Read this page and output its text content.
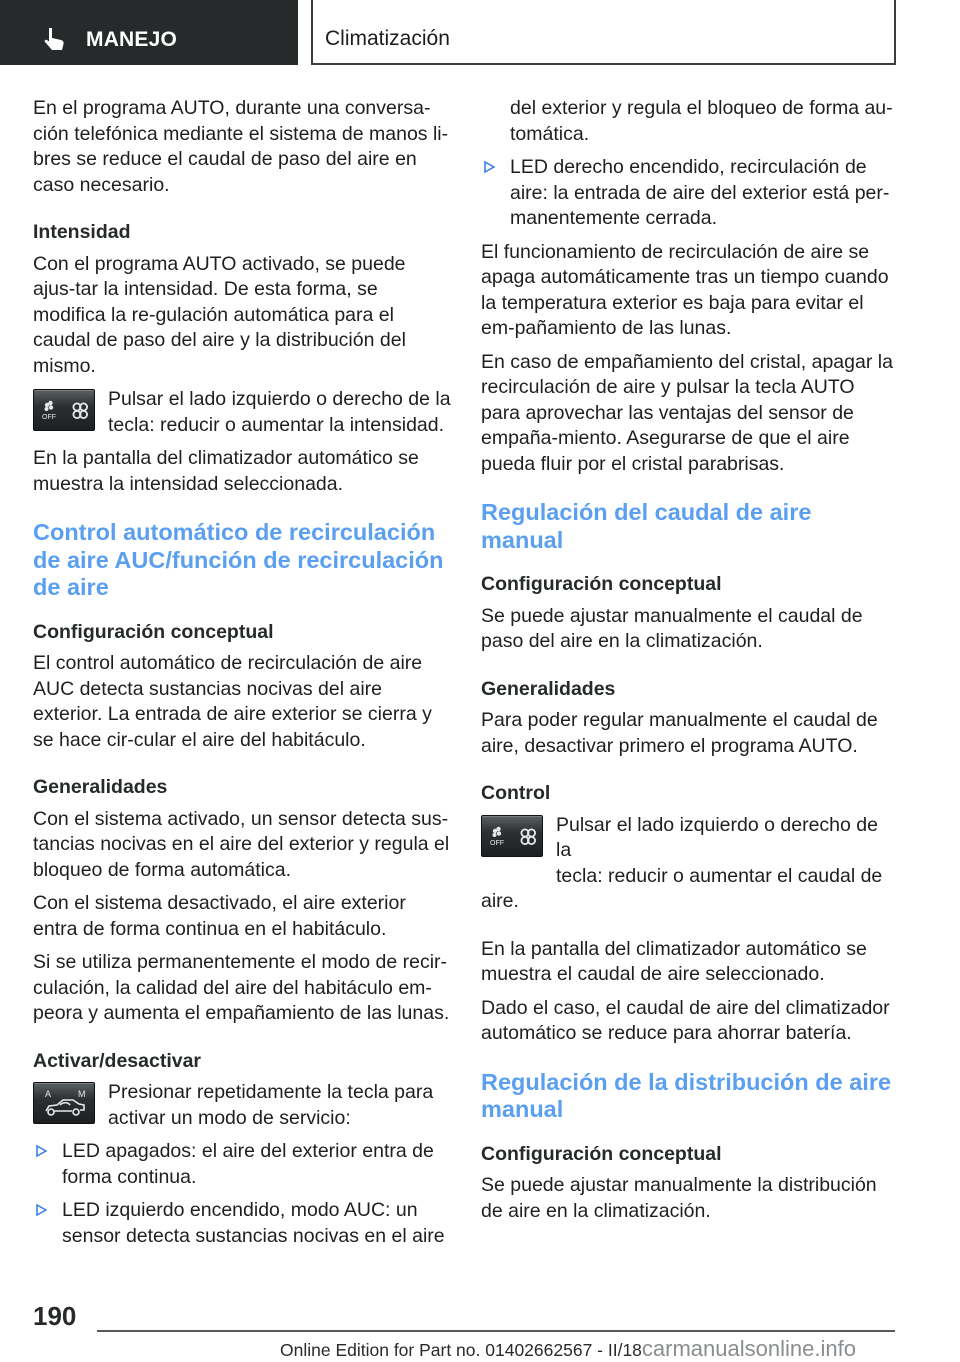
MANEJO	Climatización

En el programa AUTO, durante una conversa-ción telefónica mediante el sistema de manos li-bres se reduce el caudal de paso del aire en caso necesario.

Intensidad

Con el programa AUTO activado, se puede ajus-tar la intensidad. De esta forma, se modifica la re-gulación automática para el caudal de paso del aire y la distribución del mismo.

OFF
Pulsar el lado izquierdo o derecho de la tecla: reducir o aumentar la intensidad.

En la pantalla del climatizador automático se muestra la intensidad seleccionada.

Control automático de recirculación de aire AUC/función de recirculación de aire
Configuración conceptual

El control automático de recirculación de aire AUC detecta sustancias nocivas del aire exterior. La entrada de aire exterior se cierra y se hace cir-cular el aire del habitáculo.

Generalidades

Con el sistema activado, un sensor detecta sus-tancias nocivas en el aire del exterior y regula el bloqueo de forma automática.

Con el sistema desactivado, el aire exterior entra de forma continua en el habitáculo.

Si se utiliza permanentemente el modo de recir-culación, la calidad del aire del habitáculo em-peora y aumenta el empañamiento de las lunas.

Activar/desactivar
A	M	Presionar repetidamente la tecla para activar un modo de servicio:
LED apagados: el aire del exterior entra de forma continua.
LED izquierdo encendido, modo AUC: un sensor detecta sustancias nocivas en el aire
del exterior y regula el bloqueo de forma au-tomática.
LED derecho encendido, recirculación de aire: la entrada de aire del exterior está per-manentemente cerrada.

El funcionamiento de recirculación de aire se apaga automáticamente tras un tiempo cuando la temperatura exterior es baja para evitar el em-pañamiento de las lunas.

En caso de empañamiento del cristal, apagar la recirculación de aire y pulsar la tecla AUTO para aprovechar las ventajas del sensor de empaña-miento. Asegurarse de que el aire pueda fluir por el cristal parabrisas.

Regulación del caudal de aire manual
Configuración conceptual

Se puede ajustar manualmente el caudal de paso del aire en la climatización.

Generalidades

Para poder regular manualmente el caudal de aire, desactivar primero el programa AUTO.

Control
OFF
Pulsar el lado izquierdo o derecho de la
tecla: reducir o aumentar el caudal de
aire.

En la pantalla del climatizador automático se muestra el caudal de aire seleccionado.

Dado el caso, el caudal de aire del climatizador automático se reduce para ahorrar batería.

Regulación de la distribución de aire manual
Configuración conceptual

Se puede ajustar manualmente la distribución de aire en la climatización.

190
Online Edition for Part no. 01402662567 - II/18carmanualsonline.info
